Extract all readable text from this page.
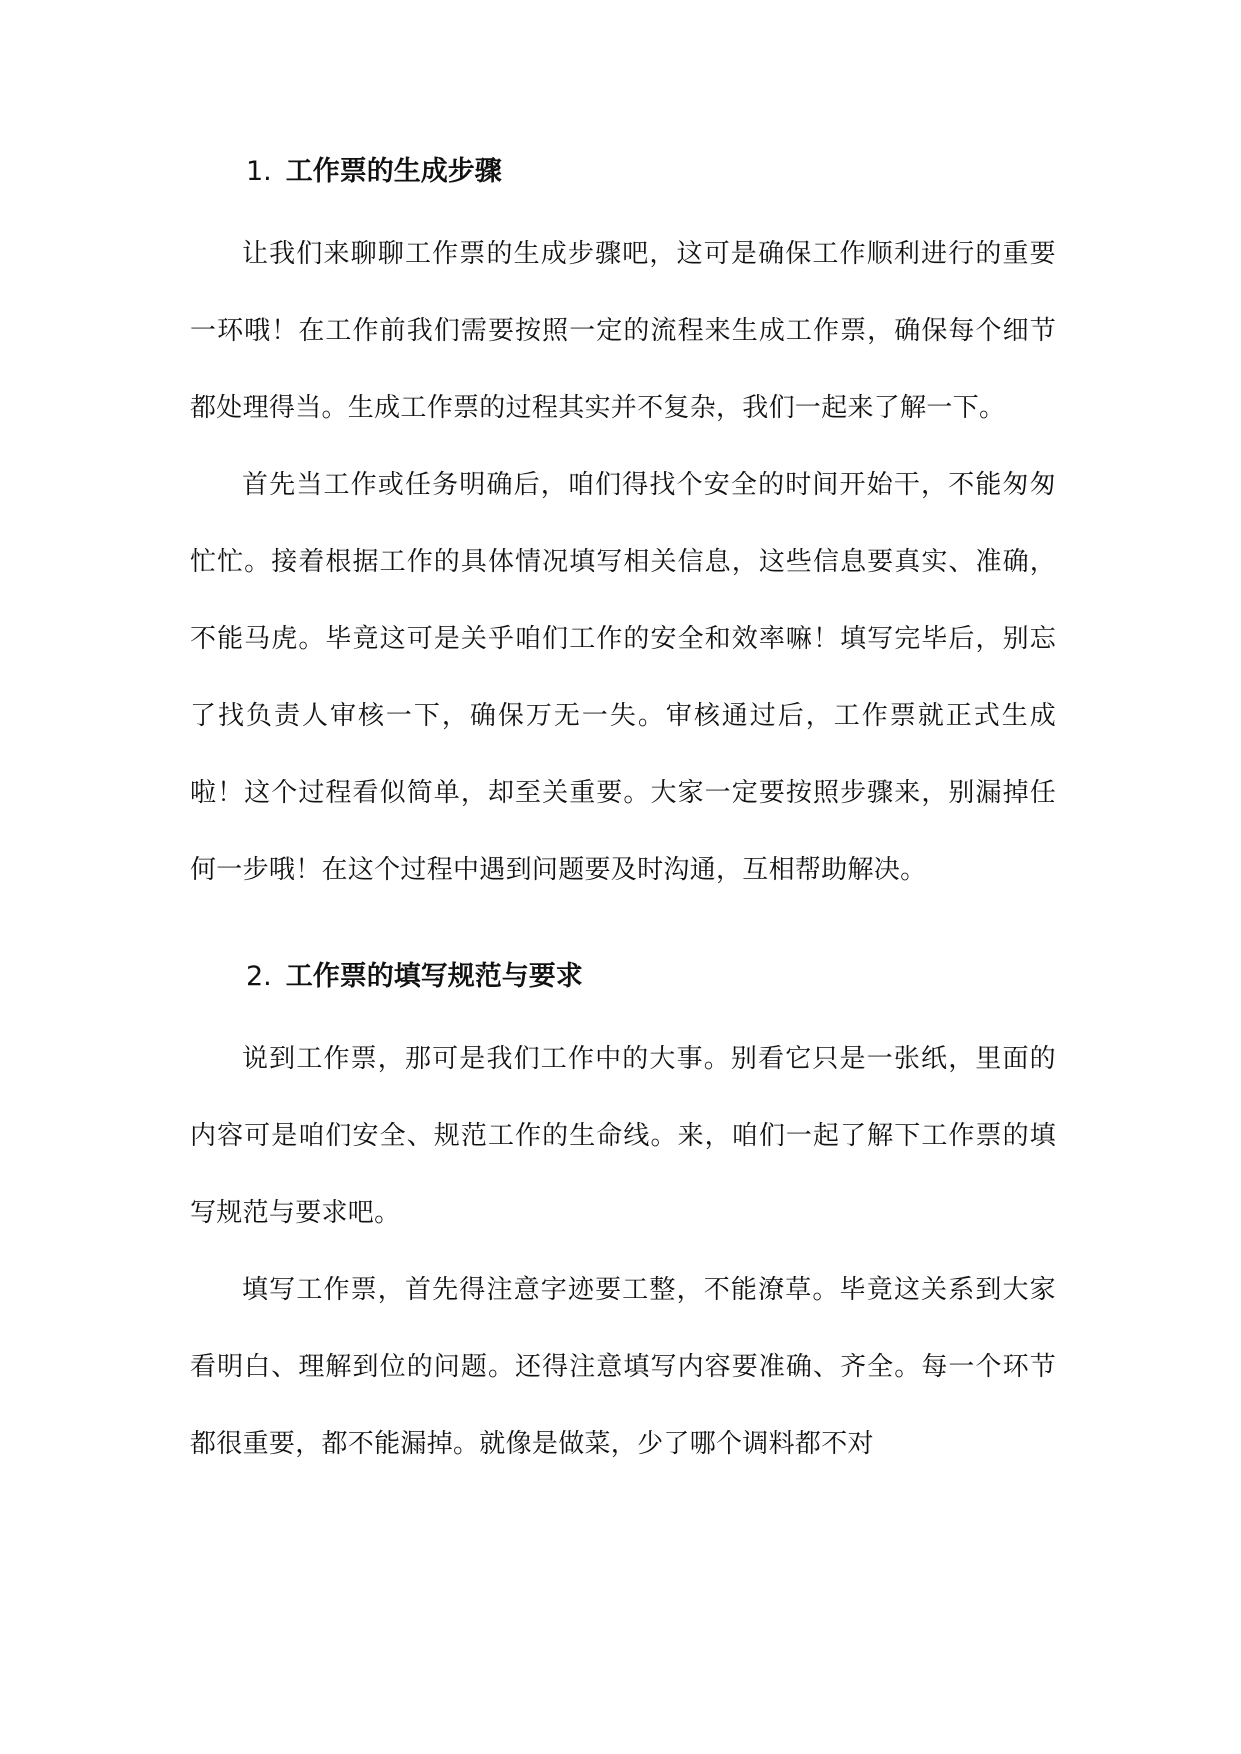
1. 工作票的生成步骤

让我们来聊聊工作票的生成步骤吧，这可是确保工作顺利进行的重要一环哦！在工作前我们需要按照一定的流程来生成工作票，确保每个细节都处理得当。生成工作票的过程其实并不复杂，我们一起来了解一下。

首先当工作或任务明确后，咱们得找个安全的时间开始干，不能匆匆忙忙。接着根据工作的具体情况填写相关信息，这些信息要真实、准确，不能马虎。毕竟这可是关乎咱们工作的安全和效率嘛！填写完毕后，别忘了找负责人审核一下，确保万无一失。审核通过后，工作票就正式生成啦！这个过程看似简单，却至关重要。大家一定要按照步骤来，别漏掉任何一步哦！在这个过程中遇到问题要及时沟通，互相帮助解决。

2. 工作票的填写规范与要求

说到工作票，那可是我们工作中的大事。别看它只是一张纸，里面的内容可是咱们安全、规范工作的生命线。来，咱们一起了解下工作票的填写规范与要求吧。

填写工作票，首先得注意字迹要工整，不能潦草。毕竟这关系到大家看明白、理解到位的问题。还得注意填写内容要准确、齐全。每一个环节都很重要，都不能漏掉。就像是做菜，少了哪个调料都不对
